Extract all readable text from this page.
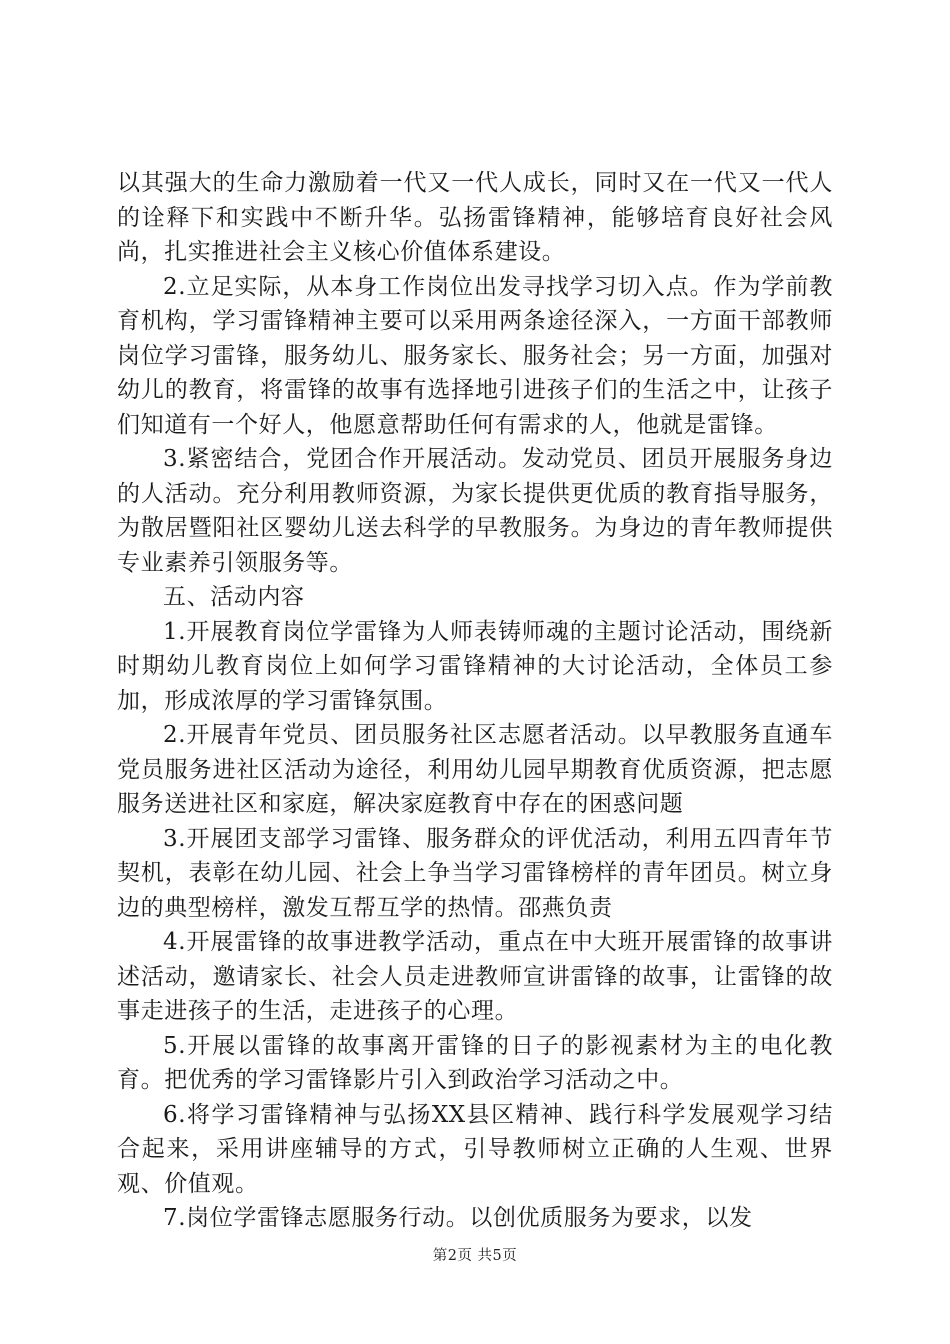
以其强大的生命力激励着一代又一代人成长，同时又在一代又一代人的诠释下和实践中不断升华。弘扬雷锋精神，能够培育良好社会风尚，扎实推进社会主义核心价值体系建设。

2.立足实际，从本身工作岗位出发寻找学习切入点。作为学前教育机构，学习雷锋精神主要可以采用两条途径深入，一方面干部教师岗位学习雷锋，服务幼儿、服务家长、服务社会；另一方面，加强对幼儿的教育，将雷锋的故事有选择地引进孩子们的生活之中，让孩子们知道有一个好人，他愿意帮助任何有需求的人，他就是雷锋。

3.紧密结合，党团合作开展活动。发动党员、团员开展服务身边的人活动。充分利用教师资源，为家长提供更优质的教育指导服务，为散居暨阳社区婴幼儿送去科学的早教服务。为身边的青年教师提供专业素养引领服务等。

五、活动内容

1.开展教育岗位学雷锋为人师表铸师魂的主题讨论活动，围绕新时期幼儿教育岗位上如何学习雷锋精神的大讨论活动，全体员工参加，形成浓厚的学习雷锋氛围。

2.开展青年党员、团员服务社区志愿者活动。以早教服务直通车党员服务进社区活动为途径，利用幼儿园早期教育优质资源，把志愿服务送进社区和家庭，解决家庭教育中存在的困惑问题

3.开展团支部学习雷锋、服务群众的评优活动，利用五四青年节契机，表彰在幼儿园、社会上争当学习雷锋榜样的青年团员。树立身边的典型榜样，激发互帮互学的热情。邵燕负责

4.开展雷锋的故事进教学活动，重点在中大班开展雷锋的故事讲述活动，邀请家长、社会人员走进教师宣讲雷锋的故事，让雷锋的故事走进孩子的生活，走进孩子的心理。

5.开展以雷锋的故事离开雷锋的日子的影视素材为主的电化教育。把优秀的学习雷锋影片引入到政治学习活动之中。

6.将学习雷锋精神与弘扬XX县区精神、践行科学发展观学习结合起来，采用讲座辅导的方式，引导教师树立正确的人生观、世界观、价值观。

7.岗位学雷锋志愿服务行动。以创优质服务为要求，以发

第2页 共5页
